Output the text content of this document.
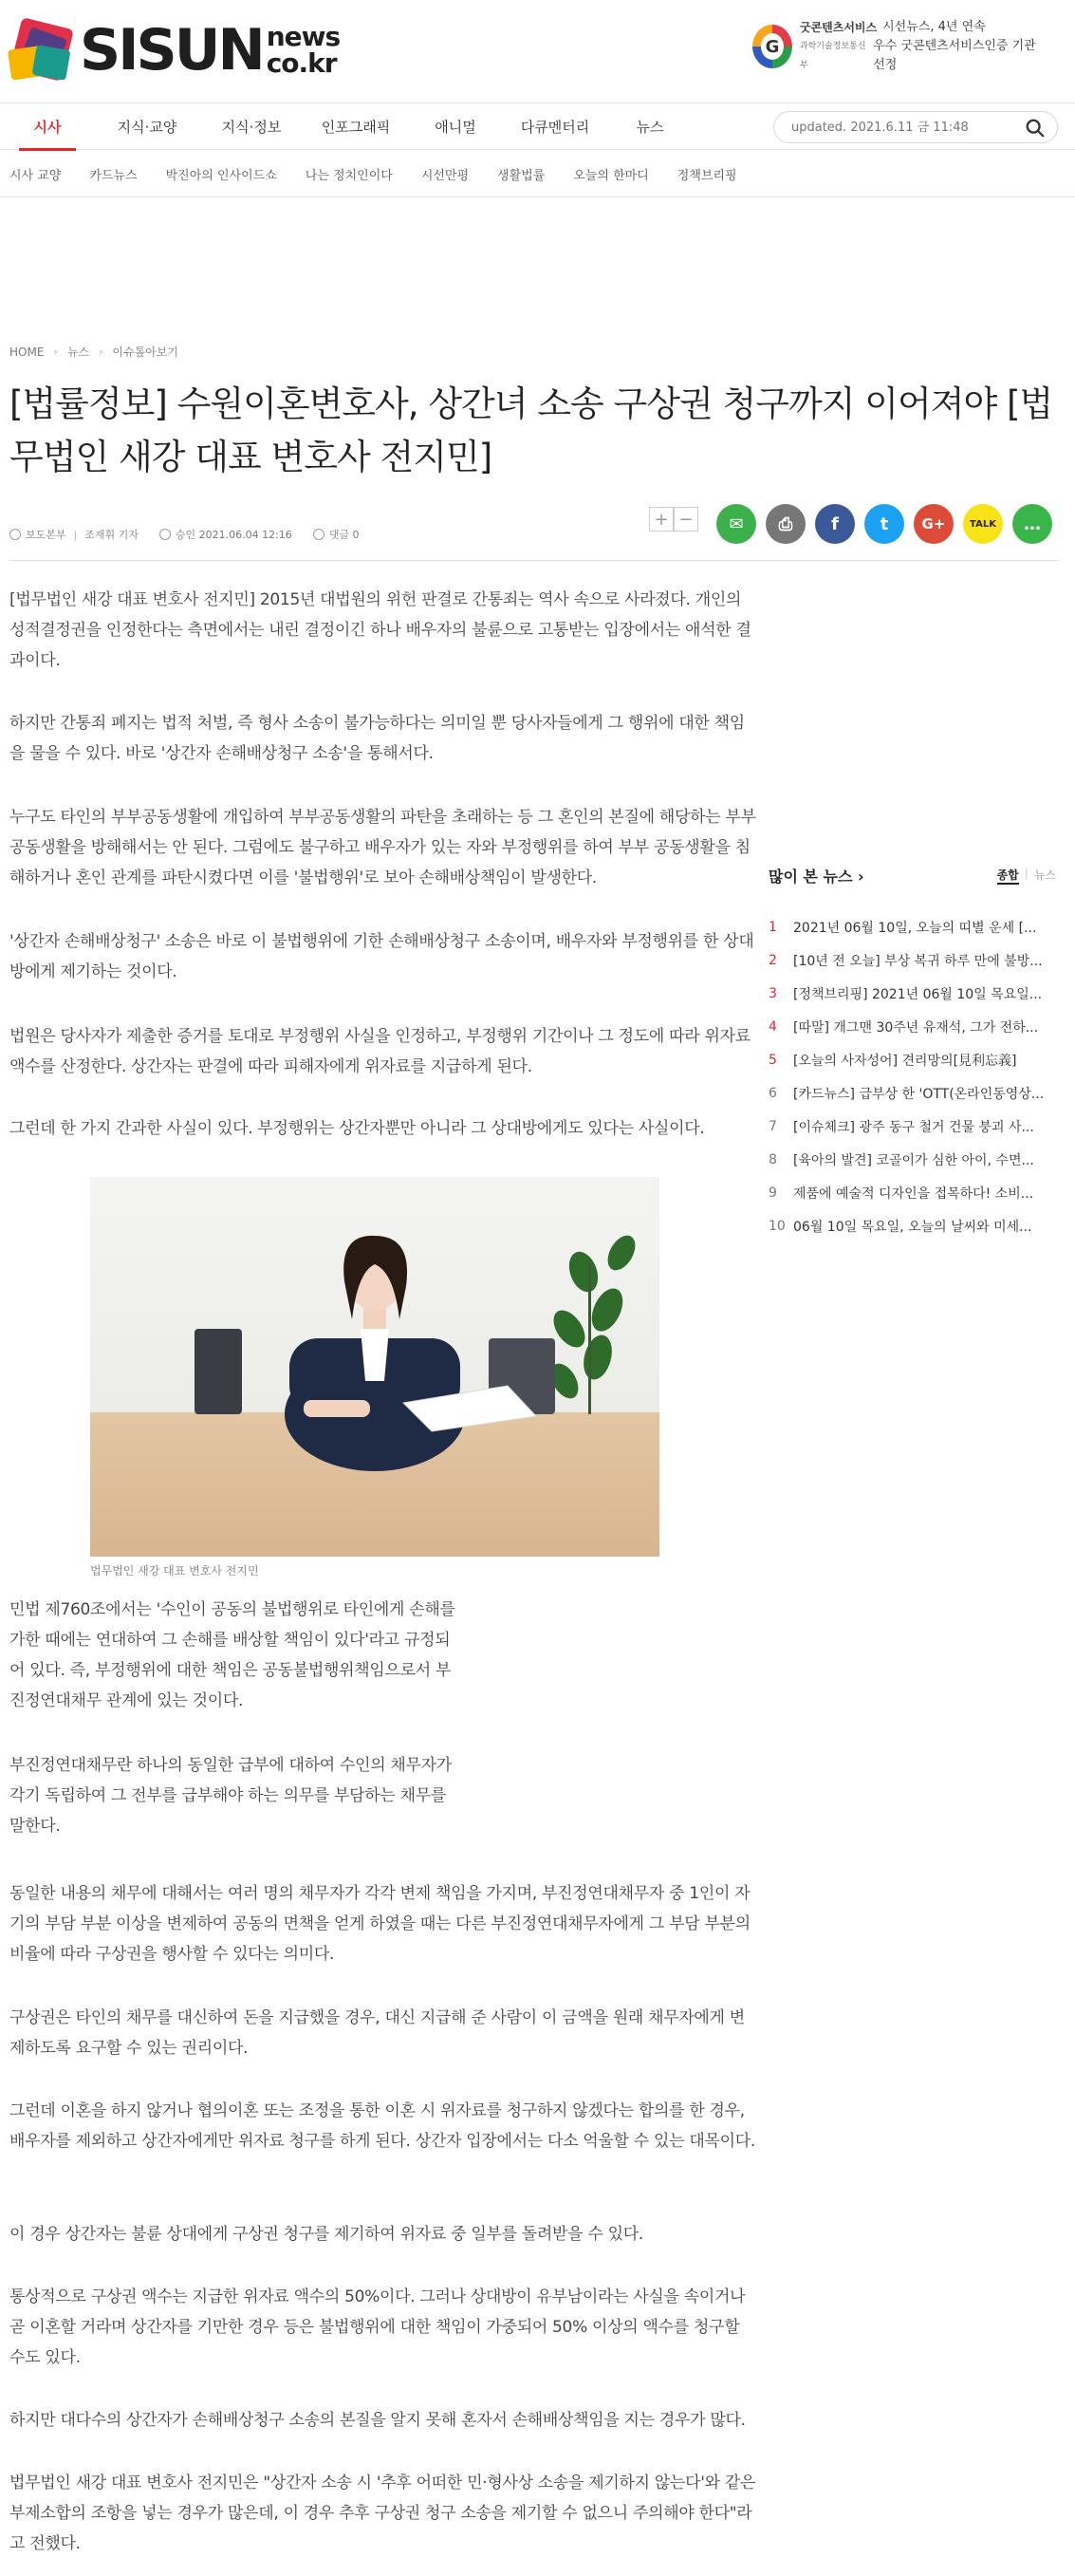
SISUN news
co.kr
G
굿콘텐츠서비스 시선뉴스, 4년 연속
과학기술정보통신부
우수 굿콘텐츠서비스인증 기관 선정
시사	지식·교양	지식·정보	인포그래픽	애니멀	다큐멘터리	뉴스
updated. 2021.6.11 금 11:48
시사 교양 카드뉴스 박진아의 인사이드쇼 나는 정치인이다 시선만평 생활법률 오늘의 한마디 정책브리핑
HOME › 뉴스 › 이슈톺아보기
[법률정보] 수원이혼변호사, 상간녀 소송 구상권 청구까지 이어져야 [법무법인 새강 대표 변호사 전지민]
보도본부 | 조재휘 기자	승인 2021.06.04 12:16	댓글 0
+ −	✉	⎙	f	t	G+	TALK	…

[법무법인 새강 대표 변호사 전지민] 2015년 대법원의 위헌 판결로 간통죄는 역사 속으로 사라졌다. 개인의 성적결정권을 인정한다는 측면에서는 내린 결정이긴 하나 배우자의 불륜으로 고통받는 입장에서는 애석한 결과이다.

하지만 간통죄 폐지는 법적 처벌, 즉 형사 소송이 불가능하다는 의미일 뿐 당사자들에게 그 행위에 대한 책임을 물을 수 있다. 바로 '상간자 손해배상청구 소송'을 통해서다.

누구도 타인의 부부공동생활에 개입하여 부부공동생활의 파탄을 초래하는 등 그 혼인의 본질에 해당하는 부부공동생활을 방해해서는 안 된다. 그럼에도 불구하고 배우자가 있는 자와 부정행위를 하여 부부 공동생활을 침해하거나 혼인 관계를 파탄시켰다면 이를 '불법행위'로 보아 손해배상책임이 발생한다.

'상간자 손해배상청구' 소송은 바로 이 불법행위에 기한 손해배상청구 소송이며, 배우자와 부정행위를 한 상대방에게 제기하는 것이다.

법원은 당사자가 제출한 증거를 토대로 부정행위 사실을 인정하고, 부정행위 기간이나 그 정도에 따라 위자료 액수를 산정한다. 상간자는 판결에 따라 피해자에게 위자료를 지급하게 된다.

그런데 한 가지 간과한 사실이 있다. 부정행위는 상간자뿐만 아니라 그 상대방에게도 있다는 사실이다.

민법 제760조에서는 '수인이 공동의 불법행위로 타인에게 손해를 가한 때에는 연대하여 그 손해를 배상할 책임이 있다'라고 규정되어 있다. 즉, 부정행위에 대한 책임은 공동불법행위책임으로서 부진정연대채무 관계에 있는 것이다.

부진정연대채무란 하나의 동일한 급부에 대하여 수인의 채무자가 각기 독립하여 그 전부를 급부해야 하는 의무를 부담하는 채무를 말한다.

동일한 내용의 채무에 대해서는 여러 명의 채무자가 각각 변제 책임을 가지며, 부진정연대채무자 중 1인이 자기의 부담 부분 이상을 변제하여 공동의 면책을 얻게 하였을 때는 다른 부진정연대채무자에게 그 부담 부분의 비율에 따라 구상권을 행사할 수 있다는 의미다.

구상권은 타인의 채무를 대신하여 돈을 지급했을 경우, 대신 지급해 준 사람이 이 금액을 원래 채무자에게 변제하도록 요구할 수 있는 권리이다.

그런데 이혼을 하지 않거나 협의이혼 또는 조정을 통한 이혼 시 위자료를 청구하지 않겠다는 합의를 한 경우, 배우자를 제외하고 상간자에게만 위자료 청구를 하게 된다. 상간자 입장에서는 다소 억울할 수 있는 대목이다.

이 경우 상간자는 불륜 상대에게 구상권 청구를 제기하여 위자료 중 일부를 돌려받을 수 있다.

통상적으로 구상권 액수는 지급한 위자료 액수의 50%이다. 그러나 상대방이 유부남이라는 사실을 속이거나 곧 이혼할 거라며 상간자를 기만한 경우 등은 불법행위에 대한 책임이 가중되어 50% 이상의 액수를 청구할 수도 있다.

하지만 대다수의 상간자가 손해배상청구 소송의 본질을 알지 못해 혼자서 손해배상책임을 지는 경우가 많다.

법무법인 새강 대표 변호사 전지민은 "상간자 소송 시 '추후 어떠한 민·형사상 소송을 제기하지 않는다'와 같은 부제소합의 조항을 넣는 경우가 많은데, 이 경우 추후 구상권 청구 소송을 제기할 수 없으니 주의해야 한다"라고 전했다.

법무법인 새강 대표 변호사 전지민
많이 본 뉴스 ›	종합 | 뉴스
1	2021년 06월 10일, 오늘의 띠별 운세 [...
2	[10년 전 오늘] 부상 복귀 하루 만에 불방...
3	[정책브리핑] 2021년 06월 10일 목요일...
4	[따말] 개그맨 30주년 유재석, 그가 전하...
5	[오늘의 사자성어] 견리망의[見利忘義]
6	[카드뉴스] 급부상 한 'OTT(온라인동영상...
7	[이슈체크] 광주 동구 철거 건물 붕괴 사...
8	[육아의 발견] 코골이가 심한 아이, 수면...
9	제품에 예술적 디자인을 접목하다! 소비...
10 06월 10일 목요일, 오늘의 날씨와 미세...
